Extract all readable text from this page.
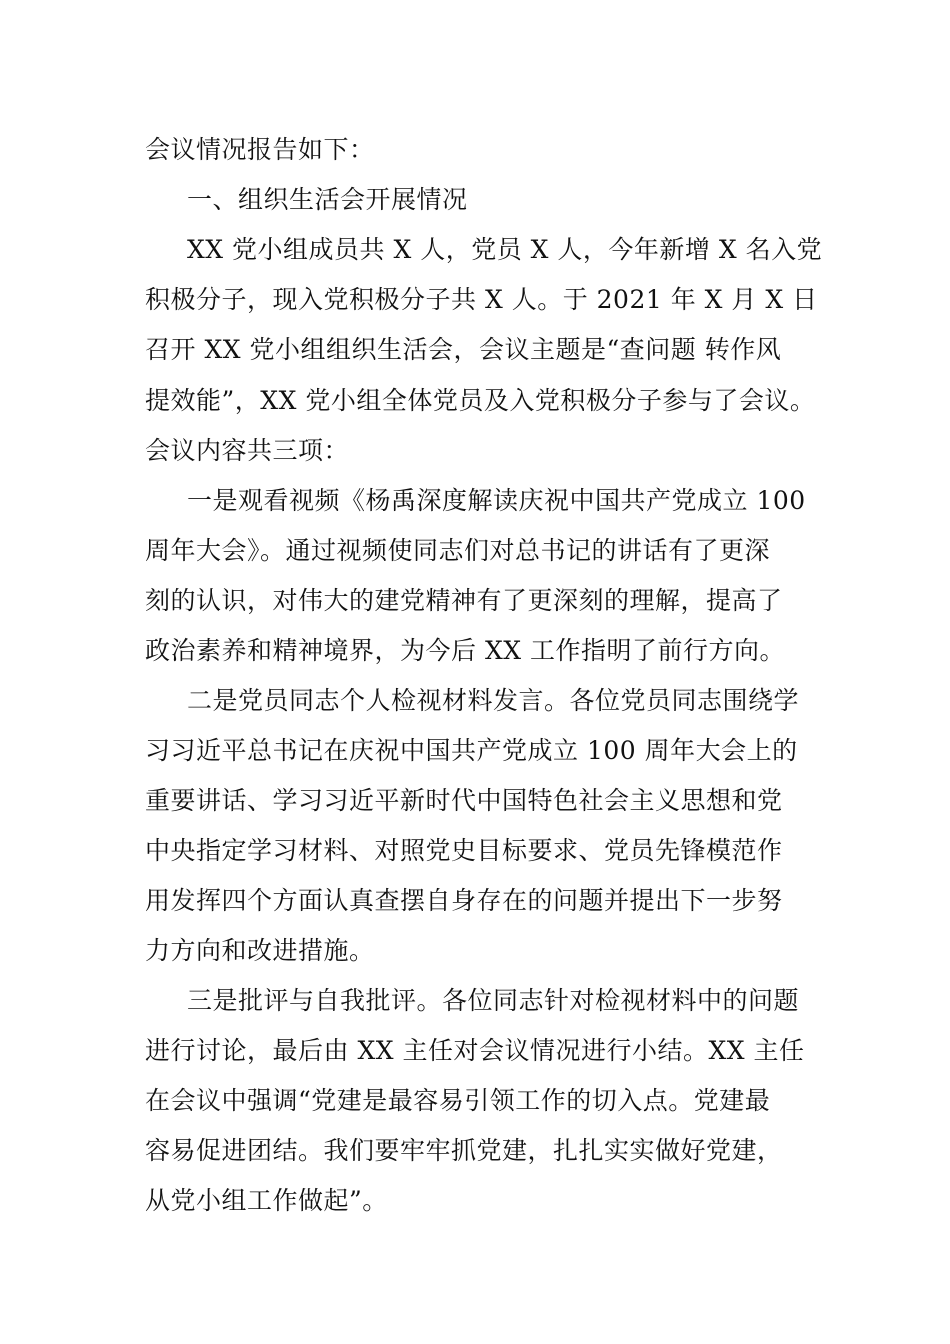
会议情况报告如下：
一、组织生活会开展情况
XX 党小组成员共 X 人，党员 X 人，今年新增 X 名入党
积极分子，现入党积极分子共 X 人。于 2021 年 X 月 X 日
召开 XX 党小组组织生活会，会议主题是“查问题 转作风
提效能”，XX 党小组全体党员及入党积极分子参与了会议。
会议内容共三项：
一是观看视频《杨禹深度解读庆祝中国共产党成立 100
周年大会》。通过视频使同志们对总书记的讲话有了更深
刻的认识，对伟大的建党精神有了更深刻的理解，提高了
政治素养和精神境界，为今后 XX 工作指明了前行方向。
二是党员同志个人检视材料发言。各位党员同志围绕学
习习近平总书记在庆祝中国共产党成立 100 周年大会上的
重要讲话、学习习近平新时代中国特色社会主义思想和党
中央指定学习材料、对照党史目标要求、党员先锋模范作
用发挥四个方面认真查摆自身存在的问题并提出下一步努
力方向和改进措施。
三是批评与自我批评。各位同志针对检视材料中的问题
进行讨论，最后由 XX 主任对会议情况进行小结。XX 主任
在会议中强调“党建是最容易引领工作的切入点。党建最
容易促进团结。我们要牢牢抓党建，扎扎实实做好党建，
从党小组工作做起”。
